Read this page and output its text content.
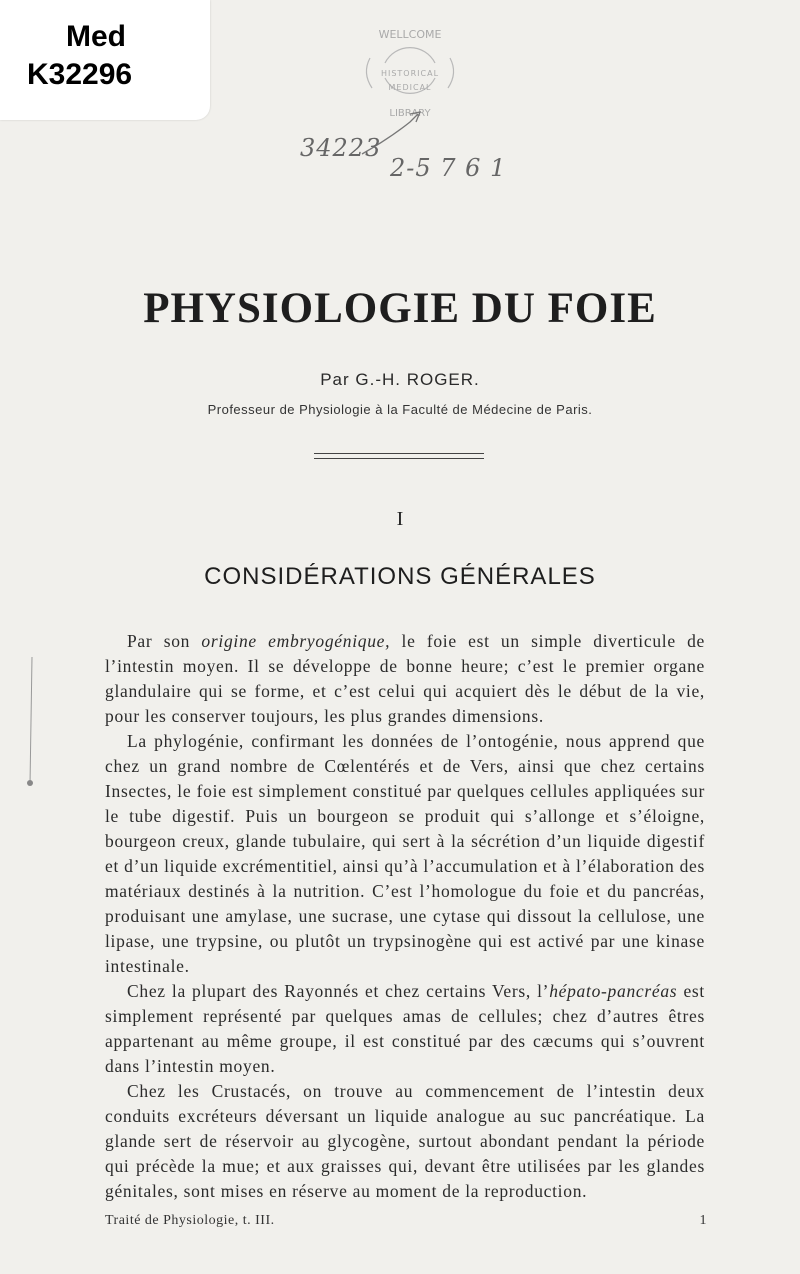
Med
K32296
WELLCOME
HISTORICAL
MEDICAL
LIBRARY
34223
2-5 7 6 1
PHYSIOLOGIE DU FOIE
Par G.-H. ROGER.
Professeur de Physiologie à la Faculté de Médecine de Paris.
I
CONSIDÉRATIONS GÉNÉRALES

Par son origine embryogénique, le foie est un simple diverticule de l’intestin moyen. Il se développe de bonne heure; c’est le premier organe glandulaire qui se forme, et c’est celui qui acquiert dès le début de la vie, pour les conserver toujours, les plus grandes dimensions.

La phylogénie, confirmant les données de l’ontogénie, nous apprend que chez un grand nombre de Cœlentérés et de Vers, ainsi que chez certains Insectes, le foie est simplement constitué par quelques cellules appliquées sur le tube digestif. Puis un bourgeon se produit qui s’allonge et s’éloigne, bourgeon creux, glande tubulaire, qui sert à la sécrétion d’un liquide digestif et d’un liquide excrémentitiel, ainsi qu’à l’accumulation et à l’élaboration des matériaux destinés à la nutrition. C’est l’homologue du foie et du pancréas, produisant une amylase, une sucrase, une cytase qui dissout la cellulose, une lipase, une trypsine, ou plutôt un trypsinogène qui est activé par une kinase intestinale.

Chez la plupart des Rayonnés et chez certains Vers, l’hépato-pancréas est simplement représenté par quelques amas de cellules; chez d’autres êtres appartenant au même groupe, il est constitué par des cæcums qui s’ouvrent dans l’intestin moyen.

Chez les Crustacés, on trouve au commencement de l’intestin deux conduits excréteurs déversant un liquide analogue au suc pancréatique. La glande sert de réservoir au glycogène, surtout abondant pendant la période qui précède la mue; et aux graisses qui, devant être utilisées par les glandes génitales, sont mises en réserve au moment de la reproduction.

Traité de Physiologie, t. III.	1
